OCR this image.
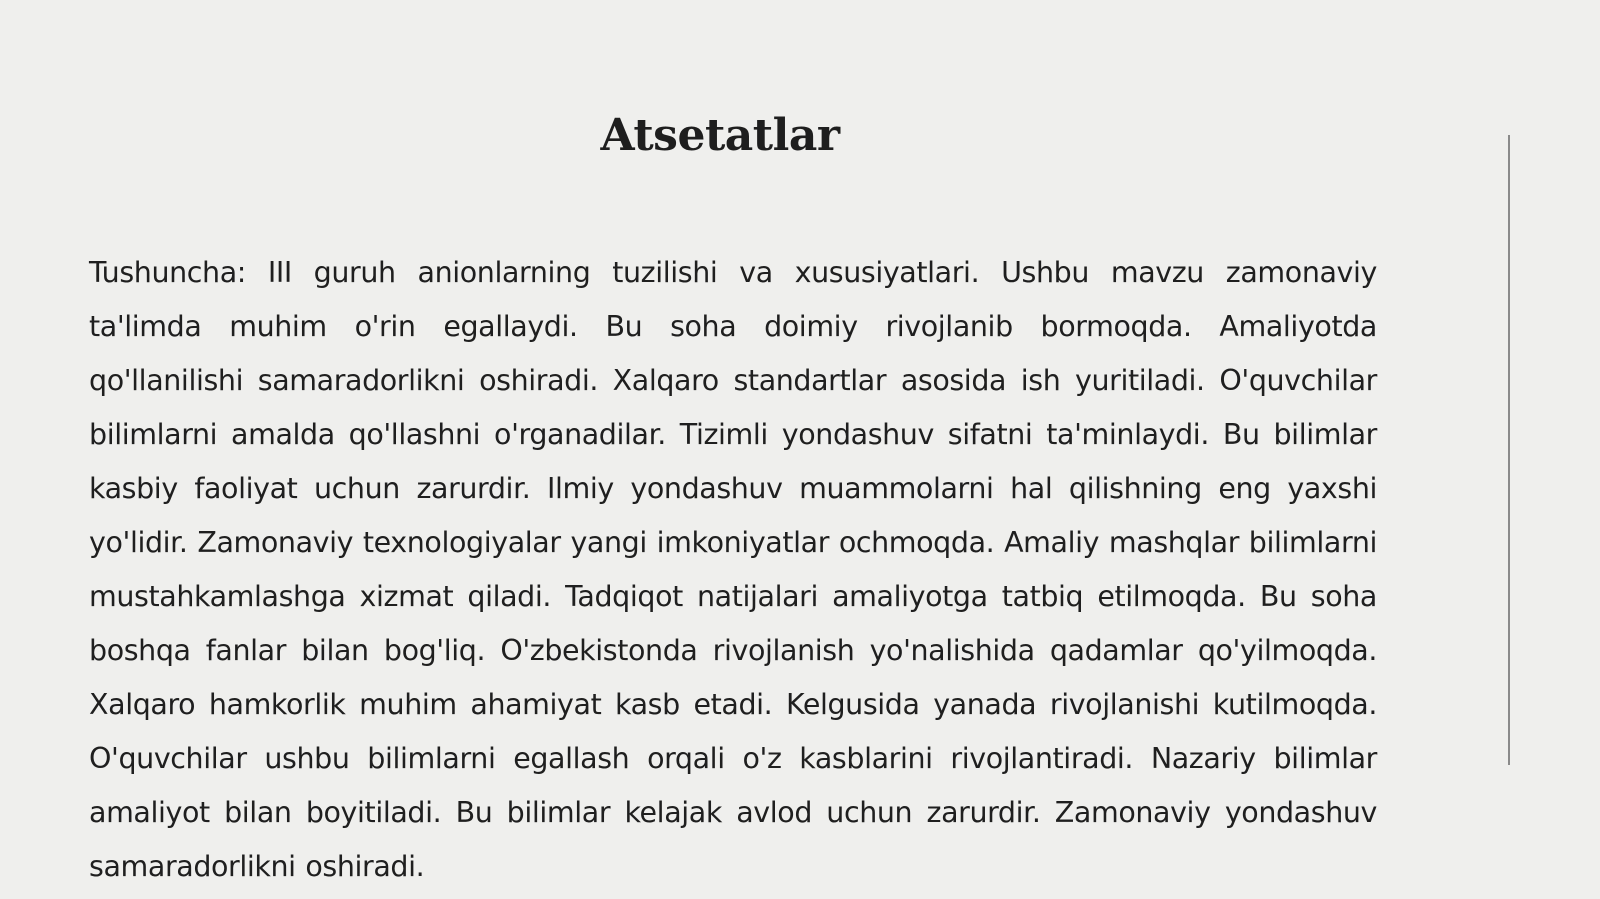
Atsetatlar
Tushuncha: III guruh anionlarning tuzilishi va xususiyatlari. Ushbu mavzu zamonaviy ta'limda muhim o'rin egallaydi. Bu soha doimiy rivojlanib bormoqda. Amaliyotda qo'llanilishi samaradorlikni oshiradi. Xalqaro standartlar asosida ish yuritiladi. O'quvchilar bilimlarni amalda qo'llashni o'rganadilar. Tizimli yondashuv sifatni ta'minlaydi. Bu bilimlar kasbiy faoliyat uchun zarurdir. Ilmiy yondashuv muammolarni hal qilishning eng yaxshi yo'lidir. Zamonaviy texnologiyalar yangi imkoniyatlar ochmoqda. Amaliy mashqlar bilimlarni mustahkamlashga xizmat qiladi. Tadqiqot natijalari amaliyotga tatbiq etilmoqda. Bu soha boshqa fanlar bilan bog'liq. O'zbekistonda rivojlanish yo'nalishida qadamlar qo'yilmoqda. Xalqaro hamkorlik muhim ahamiyat kasb etadi. Kelgusida yanada rivojlanishi kutilmoqda. O'quvchilar ushbu bilimlarni egallash orqali o'z kasblarini rivojlantiradi. Nazariy bilimlar amaliyot bilan boyitiladi. Bu bilimlar kelajak avlod uchun zarurdir. Zamonaviy yondashuv samaradorlikni oshiradi.
